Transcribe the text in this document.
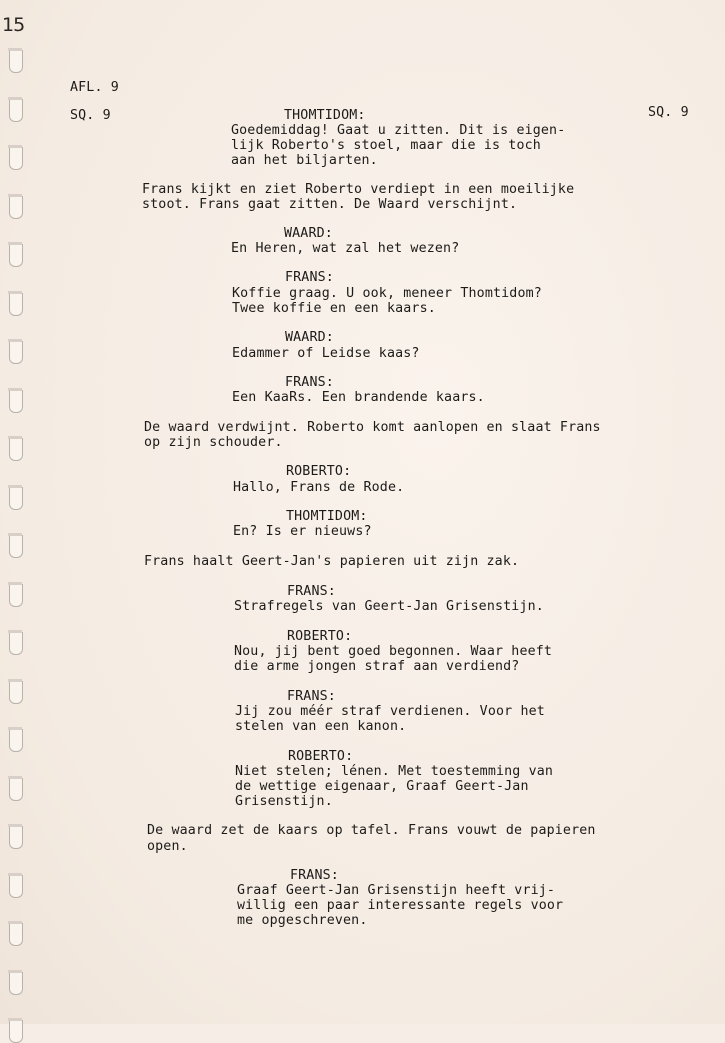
15
AFL. 9
SQ. 9	SQ. 9
THOMTIDOM:
Goedemiddag! Gaat u zitten. Dit is eigen-
lijk Roberto's stoel, maar die is toch
aan het biljarten.
Frans kijkt en ziet Roberto verdiept in een moeilijke
stoot. Frans gaat zitten. De Waard verschijnt.
WAARD:
En Heren, wat zal het wezen?
FRANS:
Koffie graag. U ook, meneer Thomtidom?
Twee koffie en een kaars.
WAARD:
Edammer of Leidse kaas?
FRANS:
Een KaaRs. Een brandende kaars.
De waard verdwijnt. Roberto komt aanlopen en slaat Frans
op zijn schouder.
ROBERTO:
Hallo, Frans de Rode.
THOMTIDOM:
En? Is er nieuws?
Frans haalt Geert-Jan's papieren uit zijn zak.
FRANS:
Strafregels van Geert-Jan Grisenstijn.
ROBERTO:
Nou, jij bent goed begonnen. Waar heeft
die arme jongen straf aan verdiend?
FRANS:
Jij zou méér straf verdienen. Voor het
stelen van een kanon.
ROBERTO:
Niet stelen; lénen. Met toestemming van
de wettige eigenaar, Graaf Geert-Jan
Grisenstijn.
De waard zet de kaars op tafel. Frans vouwt de papieren
open.
FRANS:
Graaf Geert-Jan Grisenstijn heeft vrij-
willig een paar interessante regels voor
me opgeschreven.
